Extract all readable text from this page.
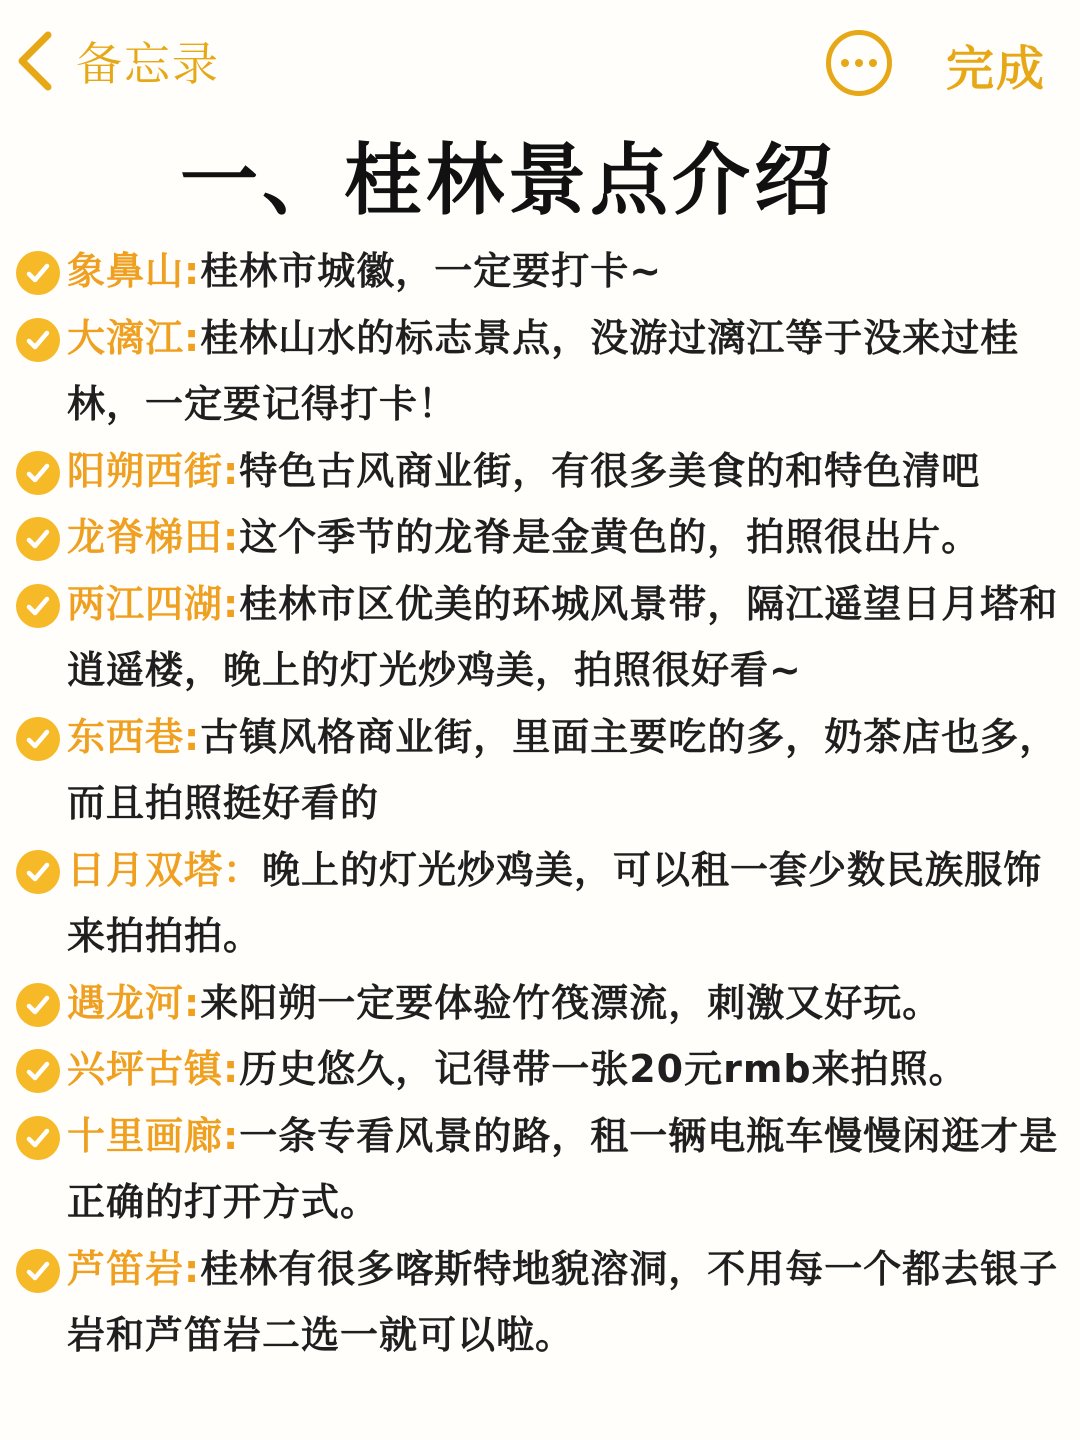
备忘录	完成
一、桂林景点介绍
象鼻山:桂林市城徽，一定要打卡~
大漓江:桂林山水的标志景点，没游过漓江等于没来过桂林，一定要记得打卡！
阳朔西街:特色古风商业街，有很多美食的和特色清吧
龙脊梯田:这个季节的龙脊是金黄色的，拍照很出片。
两江四湖:桂林市区优美的环城风景带，隔江遥望日月塔和逍遥楼，晚上的灯光炒鸡美，拍照很好看~
东西巷:古镇风格商业街，里面主要吃的多，奶茶店也多，而且拍照挺好看的
日月双塔：晚上的灯光炒鸡美，可以租一套少数民族服饰来拍拍拍。
遇龙河:来阳朔一定要体验竹筏漂流，刺激又好玩。
兴坪古镇:历史悠久，记得带一张20元rmb来拍照。
十里画廊:一条专看风景的路，租一辆电瓶车慢慢闲逛才是正确的打开方式。
芦笛岩:桂林有很多喀斯特地貌溶洞，不用每一个都去银子岩和芦笛岩二选一就可以啦。
